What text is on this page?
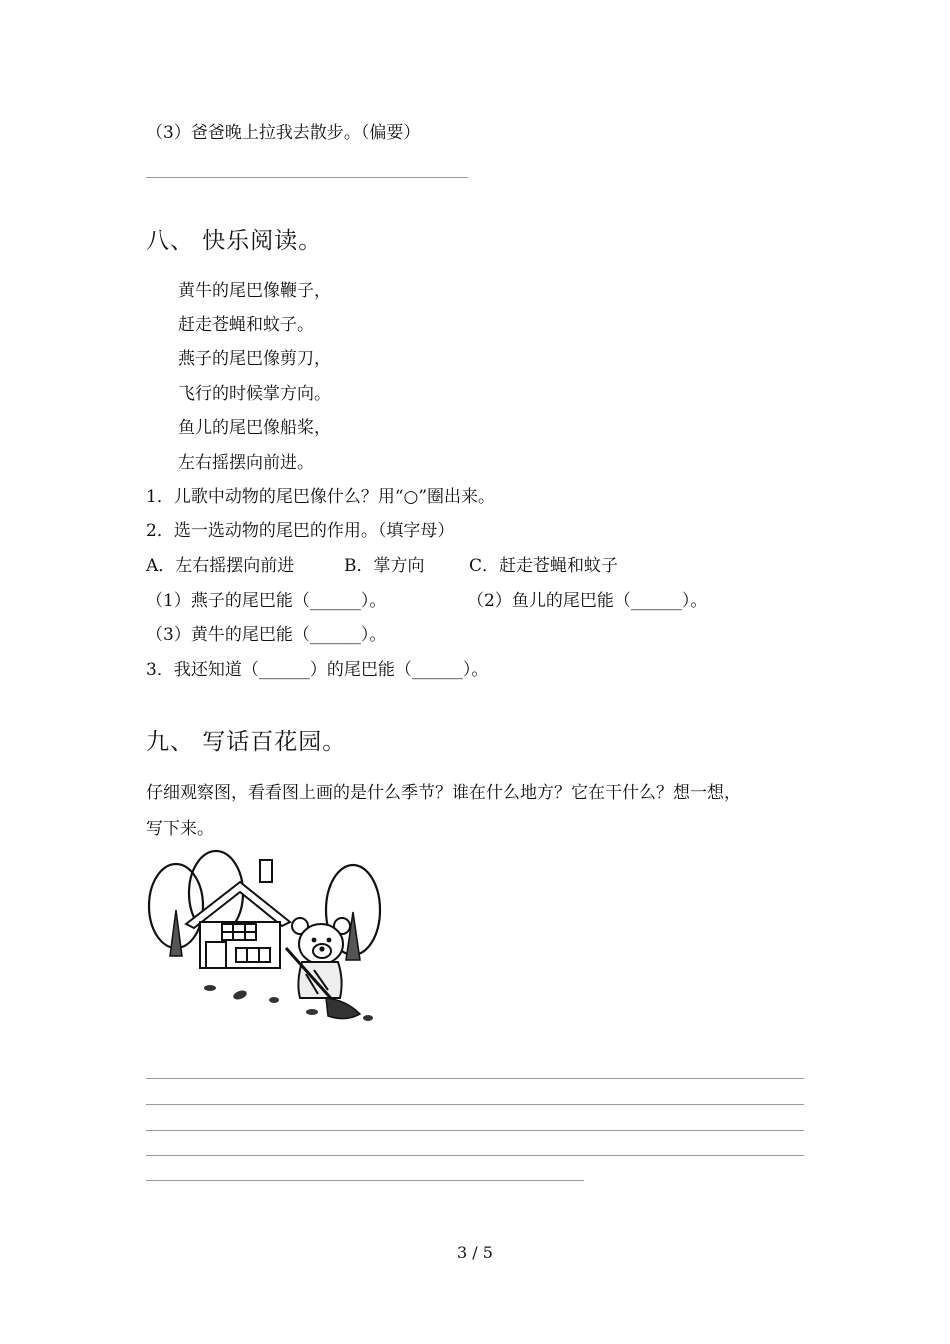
（3）爸爸晚上拉我去散步。（偏要）
八、 快乐阅读。
黄牛的尾巴像鞭子，
赶走苍蝇和蚊子。
燕子的尾巴像剪刀，
飞行的时候掌方向。
鱼儿的尾巴像船桨，
左右摇摆向前进。
1．儿歌中动物的尾巴像什么？用“○”圈出来。
2．选一选动物的尾巴的作用。（填字母）
A．左右摇摆向前进	B．掌方向	C．赶走苍蝇和蚊子
（1）燕子的尾巴能（______）。	（2）鱼儿的尾巴能（______）。
（3）黄牛的尾巴能（______）。
3．我还知道（______）的尾巴能（______）。
九、 写话百花园。
仔细观察图，看看图上画的是什么季节？谁在什么地方？它在干什么？想一想，
写下来。
3 / 5
